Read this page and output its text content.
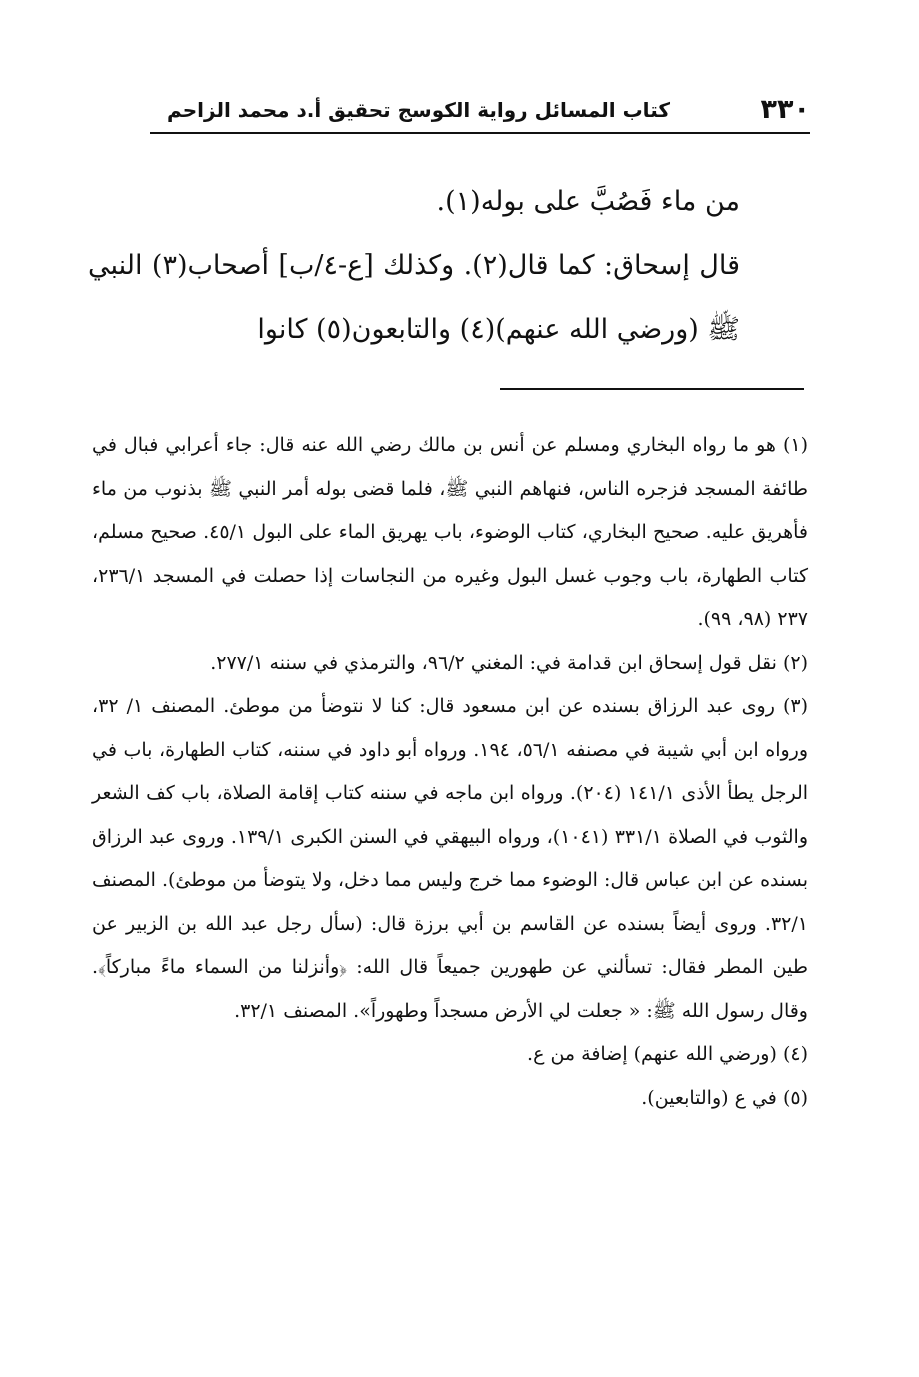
٣٣٠
كتاب المسائل رواية الكوسج تحقيق أ.د محمد الزاحم

من ماء فَصُبَّ على بوله(١).

قال إسحاق: كما قال(٢). وكذلك [ع-٤/ب] أصحاب(٣) النبي ﷺ (ورضي الله عنهم)(٤) والتابعون(٥) كانوا

(١) هو ما رواه البخاري ومسلم عن أنس بن مالك رضي الله عنه قال: جاء أعرابي فبال في طائفة المسجد فزجره الناس، فنهاهم النبي ﷺ، فلما قضى بوله أمر النبي ﷺ بذنوب من ماء فأهريق عليه. صحيح البخاري، كتاب الوضوء، باب يهريق الماء على البول ٤٥/١. صحيح مسلم، كتاب الطهارة، باب وجوب غسل البول وغيره من النجاسات إذا حصلت في المسجد ٢٣٦/١، ٢٣٧ (٩٨، ٩٩).

(٢) نقل قول إسحاق ابن قدامة في: المغني ٩٦/٢، والترمذي في سننه ٢٧٧/١.

(٣) روى عبد الرزاق بسنده عن ابن مسعود قال: كنا لا نتوضأ من موطئ. المصنف ١/ ٣٢، ورواه ابن أبي شيبة في مصنفه ٥٦/١، ١٩٤. ورواه أبو داود في سننه، كتاب الطهارة، باب في الرجل يطأ الأذى ١٤١/١ (٢٠٤). ورواه ابن ماجه في سننه كتاب إقامة الصلاة، باب كف الشعر والثوب في الصلاة ٣٣١/١ (١٠٤١)، ورواه البيهقي في السنن الكبرى ١٣٩/١. وروى عبد الرزاق بسنده عن ابن عباس قال: الوضوء مما خرج وليس مما دخل، ولا يتوضأ من موطئ). المصنف ٣٢/١. وروى أيضاً بسنده عن القاسم بن أبي برزة قال: (سأل رجل عبد الله بن الزبير عن طين المطر فقال: تسألني عن طهورين جميعاً قال الله: ﴿وأنزلنا من السماء ماءً مباركاً﴾. وقال رسول الله ﷺ: « جعلت لي الأرض مسجداً وطهوراً». المصنف ٣٢/١.

(٤) (ورضي الله عنهم) إضافة من ع.

(٥) في ع (والتابعين).
